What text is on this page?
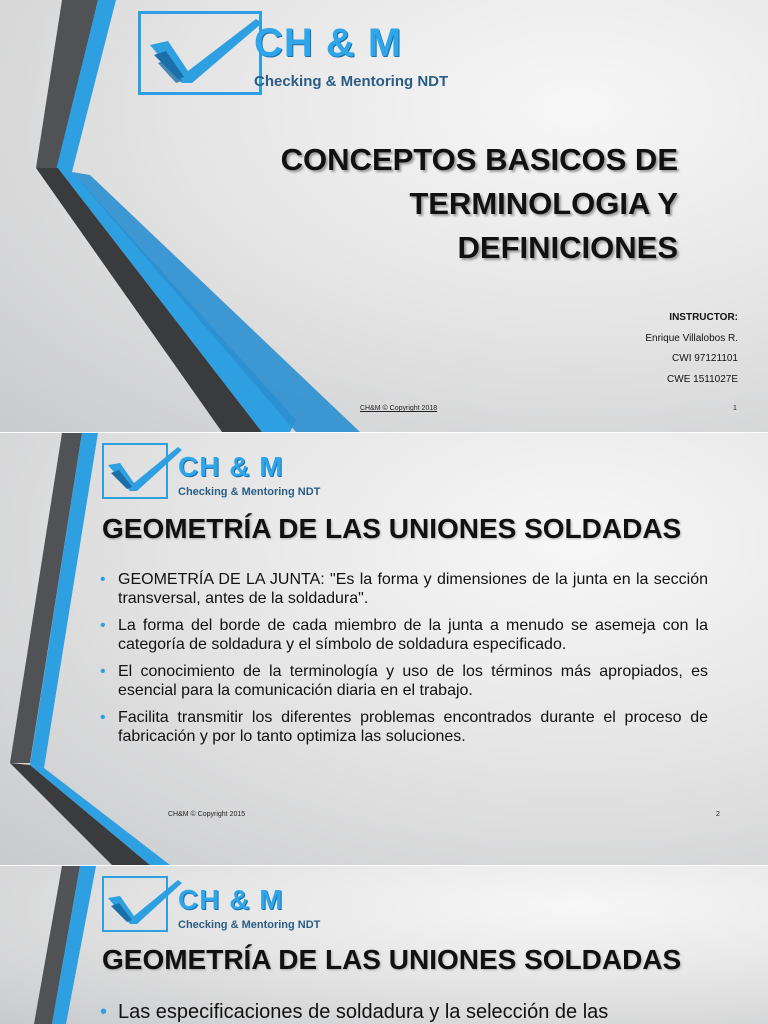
CH & M
Checking & Mentoring NDT
CONCEPTOS BASICOS DE
TERMINOLOGIA Y
DEFINICIONES
INSTRUCTOR:
Enrique Villalobos R.
CWI 97121101
CWE 1511027E
CH&M © Copyright 2018	1
CH & M
Checking & Mentoring NDT
GEOMETRÍA DE LAS UNIONES SOLDADAS
• GEOMETRÍA DE LA JUNTA: "Es la forma y dimensiones de la junta en la sección transversal, antes de la soldadura".
• La forma del borde de cada miembro de la junta a menudo se asemeja con la categoría de soldadura y el símbolo de soldadura especificado.
• El conocimiento de la terminología y uso de los términos más apropiados, es esencial para la comunicación diaria en el trabajo.
• Facilita transmitir los diferentes problemas encontrados durante el proceso de fabricación y por lo tanto optimiza las soluciones.
CH&M © Copyright 2015	2
CH & M
Checking & Mentoring NDT
GEOMETRÍA DE LAS UNIONES SOLDADAS
• Las especificaciones de soldadura y la selección de las
